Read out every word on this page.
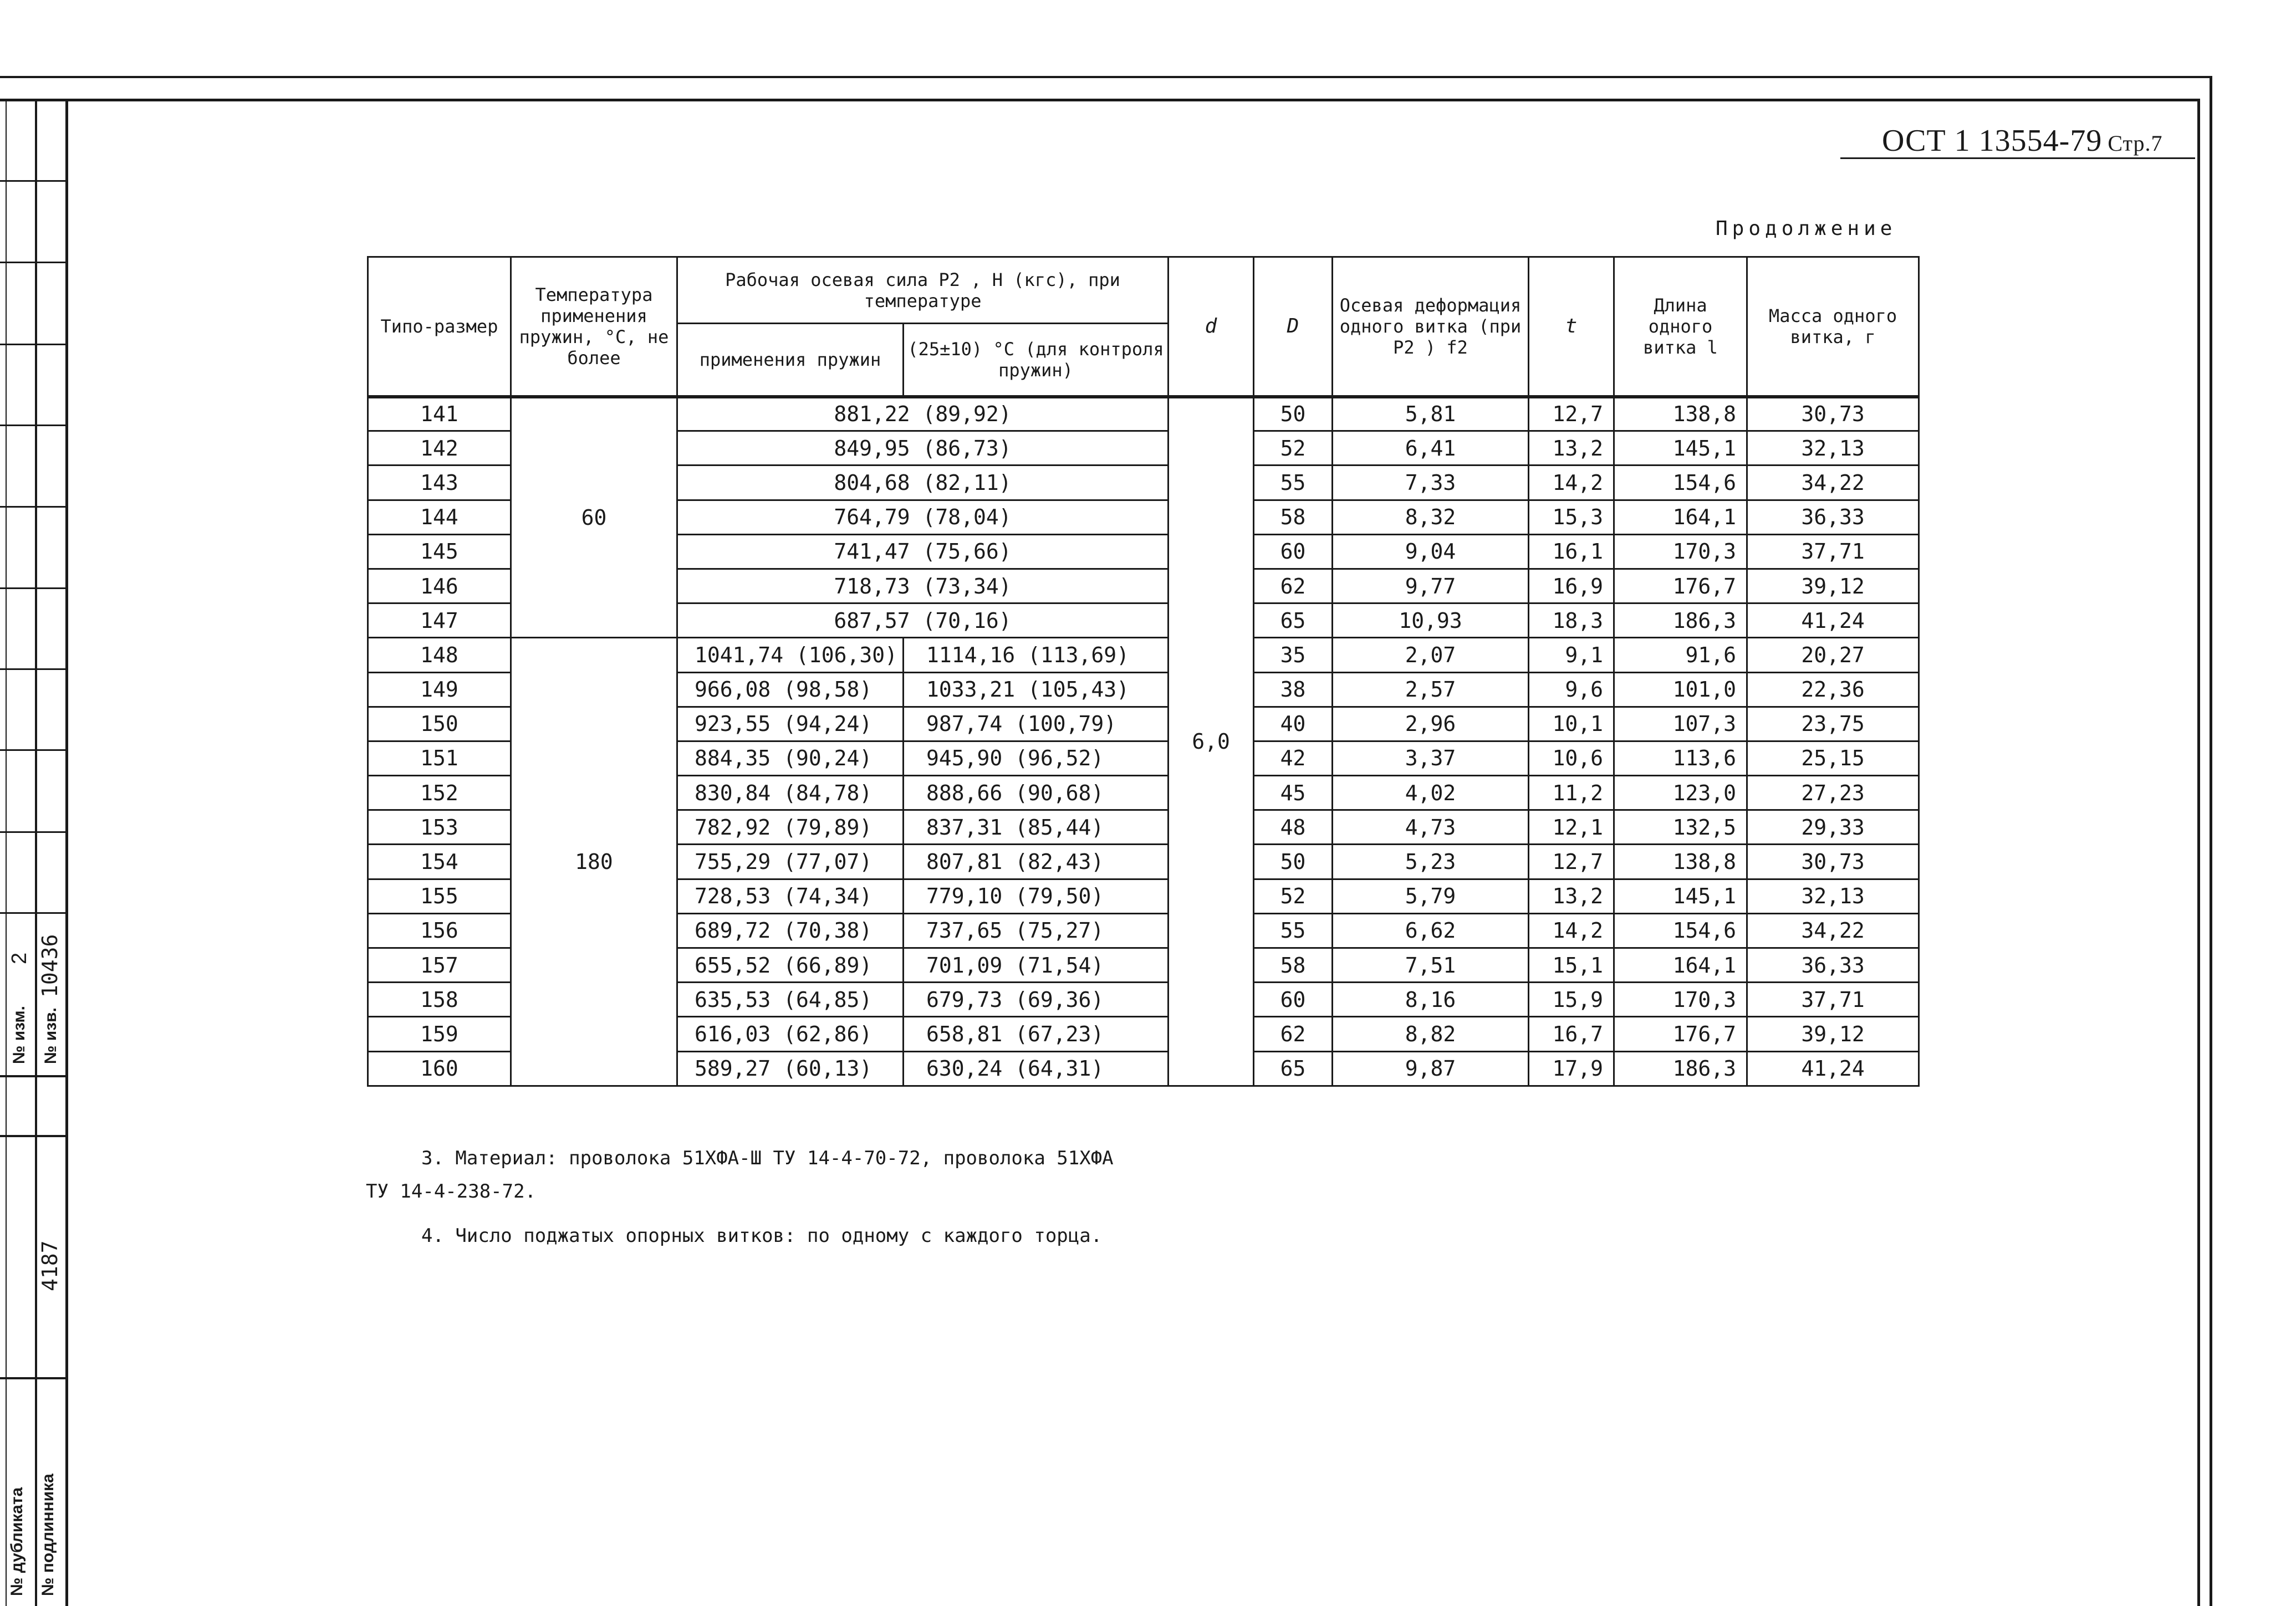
№ изм.
2
№ изв.
10436
4187
№ дубликата № подлинника
ОСТ 1 13554-79 Стр.7
Продолжение
Типо-размер	Температура применения пружин, °С, не более	Рабочая осевая сила P2 , Н (кгс), при температуре		d	D	Осевая деформация одного витка (при P2 ) f2	t	Длина одного витка l	Масса одного витка, г
		применения пружин	(25±10) °С (для контроля пружин)						
141	60	881,22 (89,92)		6,0	50	5,81	12,7	138,8	30,73
142		849,95 (86,73)			52	6,41	13,2	145,1	32,13
143		804,68 (82,11)			55	7,33	14,2	154,6	34,22
144		764,79 (78,04)			58	8,32	15,3	164,1	36,33
145		741,47 (75,66)			60	9,04	16,1	170,3	37,71
146		718,73 (73,34)			62	9,77	16,9	176,7	39,12
147		687,57 (70,16)			65	10,93	18,3	186,3	41,24
148	180	1041,74 (106,30)	1114,16 (113,69)		35	2,07	9,1	91,6	20,27
149		966,08 (98,58)	1033,21 (105,43)		38	2,57	9,6	101,0	22,36
150		923,55 (94,24)	987,74 (100,79)		40	2,96	10,1	107,3	23,75
151		884,35 (90,24)	945,90 (96,52)		42	3,37	10,6	113,6	25,15
152		830,84 (84,78)	888,66 (90,68)		45	4,02	11,2	123,0	27,23
153		782,92 (79,89)	837,31 (85,44)		48	4,73	12,1	132,5	29,33
154		755,29 (77,07)	807,81 (82,43)		50	5,23	12,7	138,8	30,73
155		728,53 (74,34)	779,10 (79,50)		52	5,79	13,2	145,1	32,13
156		689,72 (70,38)	737,65 (75,27)		55	6,62	14,2	154,6	34,22
157		655,52 (66,89)	701,09 (71,54)		58	7,51	15,1	164,1	36,33
158		635,53 (64,85)	679,73 (69,36)		60	8,16	15,9	170,3	37,71
159		616,03 (62,86)	658,81 (67,23)		62	8,82	16,7	176,7	39,12
160		589,27 (60,13)	630,24 (64,31)		65	9,87	17,9	186,3	41,24
3. Материал: проволока 51ХФА-Ш ТУ 14-4-70-72, проволока 51ХФА
ТУ 14-4-238-72.
4. Число поджатых опорных витков: по одному с каждого торца.
